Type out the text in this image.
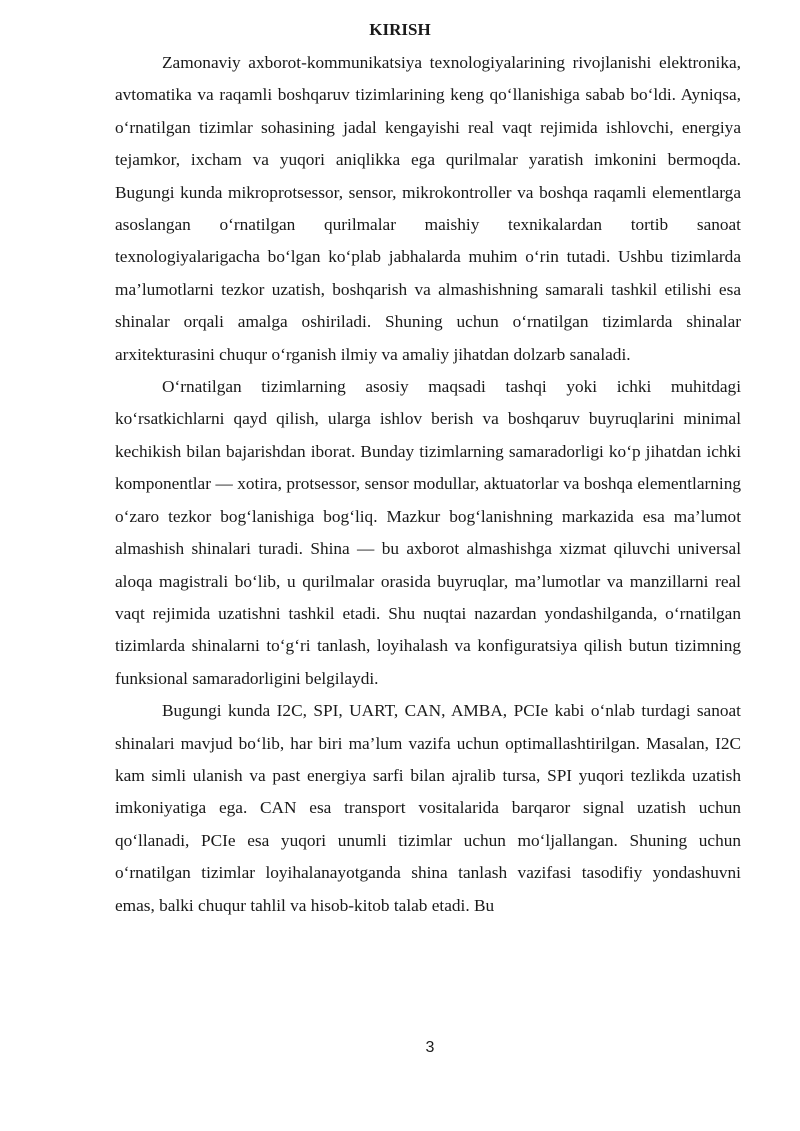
KIRISH

Zamonaviy axborot-kommunikatsiya texnologiyalarining rivojlanishi elektronika, avtomatika va raqamli boshqaruv tizimlarining keng qo‘llanishiga sabab bo‘ldi. Ayniqsa, o‘rnatilgan tizimlar sohasining jadal kengayishi real vaqt rejimida ishlovchi, energiya tejamkor, ixcham va yuqori aniqlikka ega qurilmalar yaratish imkonini bermoqda. Bugungi kunda mikroprotsessor, sensor, mikrokontroller va boshqa raqamli elementlarga asoslangan o‘rnatilgan qurilmalar maishiy texnikalardan tortib sanoat texnologiyalarigacha bo‘lgan ko‘plab jabhalarda muhim o‘rin tutadi. Ushbu tizimlarda ma’lumotlarni tezkor uzatish, boshqarish va almashishning samarali tashkil etilishi esa shinalar orqali amalga oshiriladi. Shuning uchun o‘rnatilgan tizimlarda shinalar arxitekturasini chuqur o‘rganish ilmiy va amaliy jihatdan dolzarb sanaladi.

O‘rnatilgan tizimlarning asosiy maqsadi tashqi yoki ichki muhitdagi ko‘rsatkichlarni qayd qilish, ularga ishlov berish va boshqaruv buyruqlarini minimal kechikish bilan bajarishdan iborat. Bunday tizimlarning samaradorligi ko‘p jihatdan ichki komponentlar — xotira, protsessor, sensor modullar, aktuatorlar va boshqa elementlarning o‘zaro tezkor bog‘lanishiga bog‘liq. Mazkur bog‘lanishning markazida esa ma’lumot almashish shinalari turadi. Shina — bu axborot almashishga xizmat qiluvchi universal aloqa magistrali bo‘lib, u qurilmalar orasida buyruqlar, ma’lumotlar va manzillarni real vaqt rejimida uzatishni tashkil etadi. Shu nuqtai nazardan yondashilganda, o‘rnatilgan tizimlarda shinalarni to‘g‘ri tanlash, loyihalash va konfiguratsiya qilish butun tizimning funksional samaradorligini belgilaydi.

Bugungi kunda I2C, SPI, UART, CAN, AMBA, PCIe kabi o‘nlab turdagi sanoat shinalari mavjud bo‘lib, har biri ma’lum vazifa uchun optimallashtirilgan. Masalan, I2C kam simli ulanish va past energiya sarfi bilan ajralib tursa, SPI yuqori tezlikda uzatish imkoniyatiga ega. CAN esa transport vositalarida barqaror signal uzatish uchun qo‘llanadi, PCIe esa yuqori unumli tizimlar uchun mo‘ljallangan. Shuning uchun o‘rnatilgan tizimlar loyihalanayotganda shina tanlash vazifasi tasodifiy yondashuvni emas, balki chuqur tahlil va hisob-kitob talab etadi. Bu

3
